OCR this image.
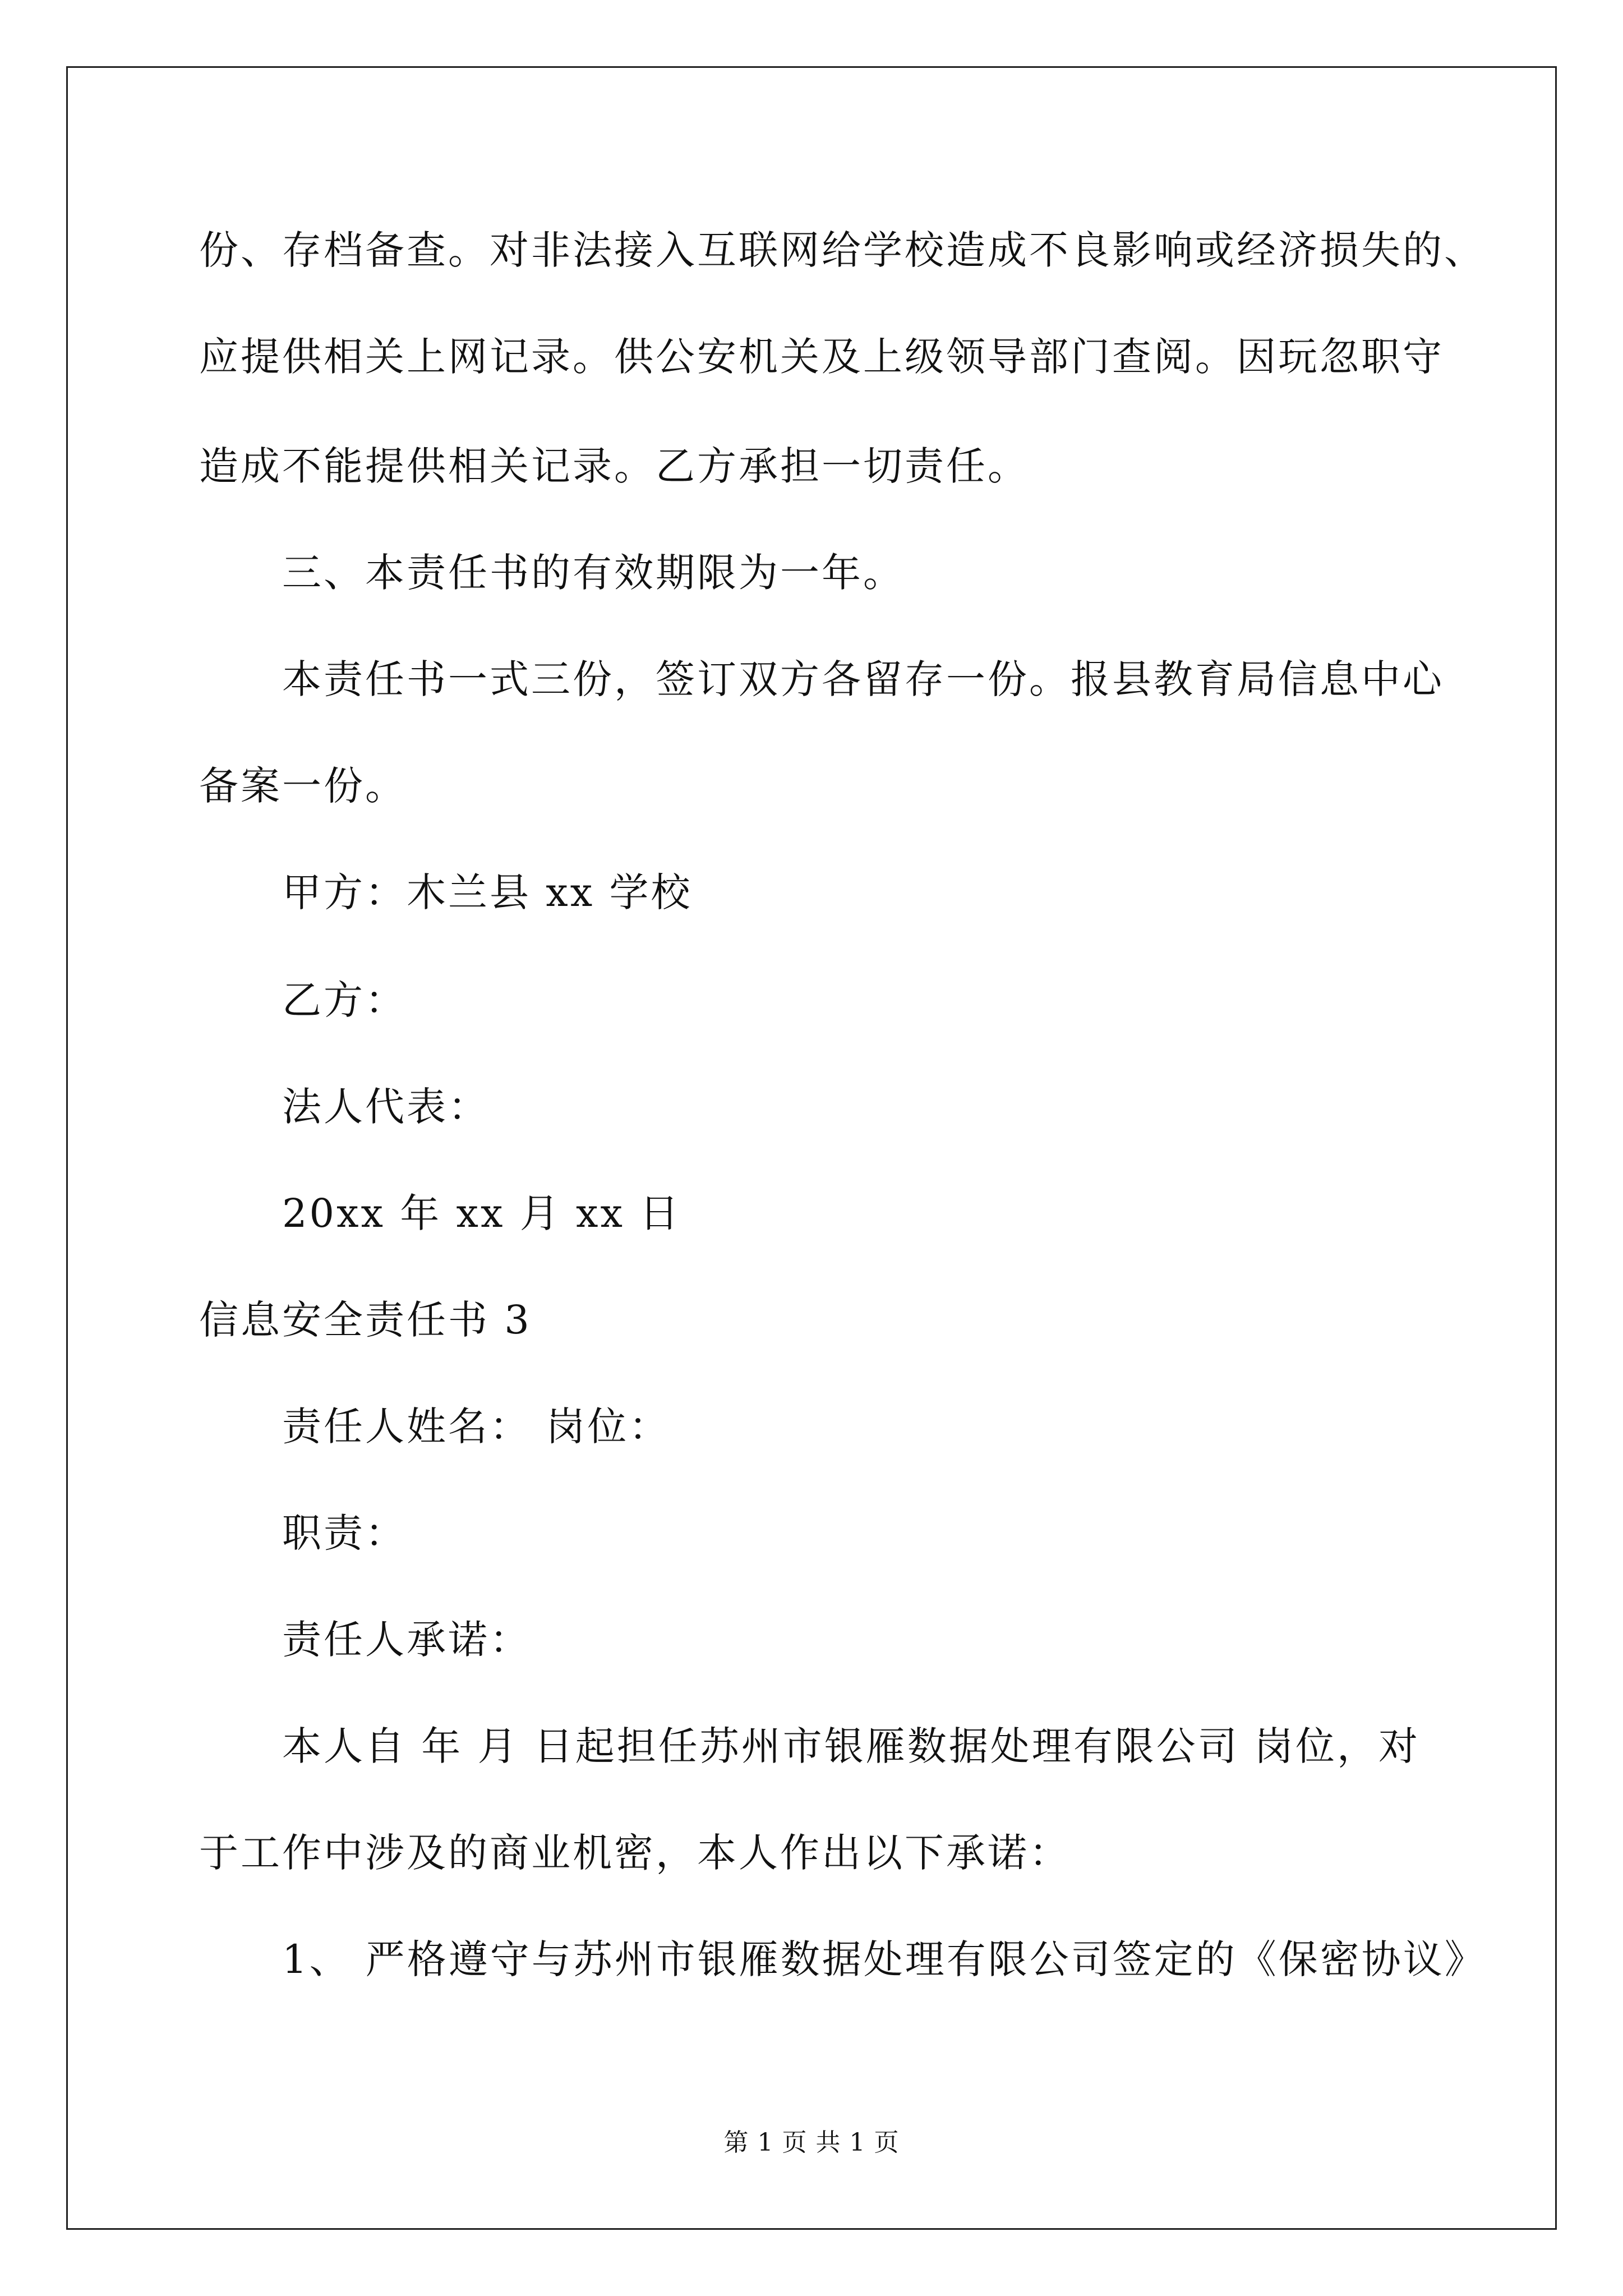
份、存档备查。对非法接入互联网给学校造成不良影响或经济损失的、
应提供相关上网记录。供公安机关及上级领导部门查阅。因玩忽职守
造成不能提供相关记录。乙方承担一切责任。
三、本责任书的有效期限为一年。
本责任书一式三份，签订双方各留存一份。报县教育局信息中心
备案一份。
甲方：木兰县 xx 学校
乙方：
法人代表：
20xx 年 xx 月 xx 日
信息安全责任书 3
责任人姓名： 岗位：
职责：
责任人承诺：
本人自 年 月 日起担任苏州市银雁数据处理有限公司 岗位，对
于工作中涉及的商业机密，本人作出以下承诺：
1、 严格遵守与苏州市银雁数据处理有限公司签定的《保密协议》
第 1 页 共 1 页
